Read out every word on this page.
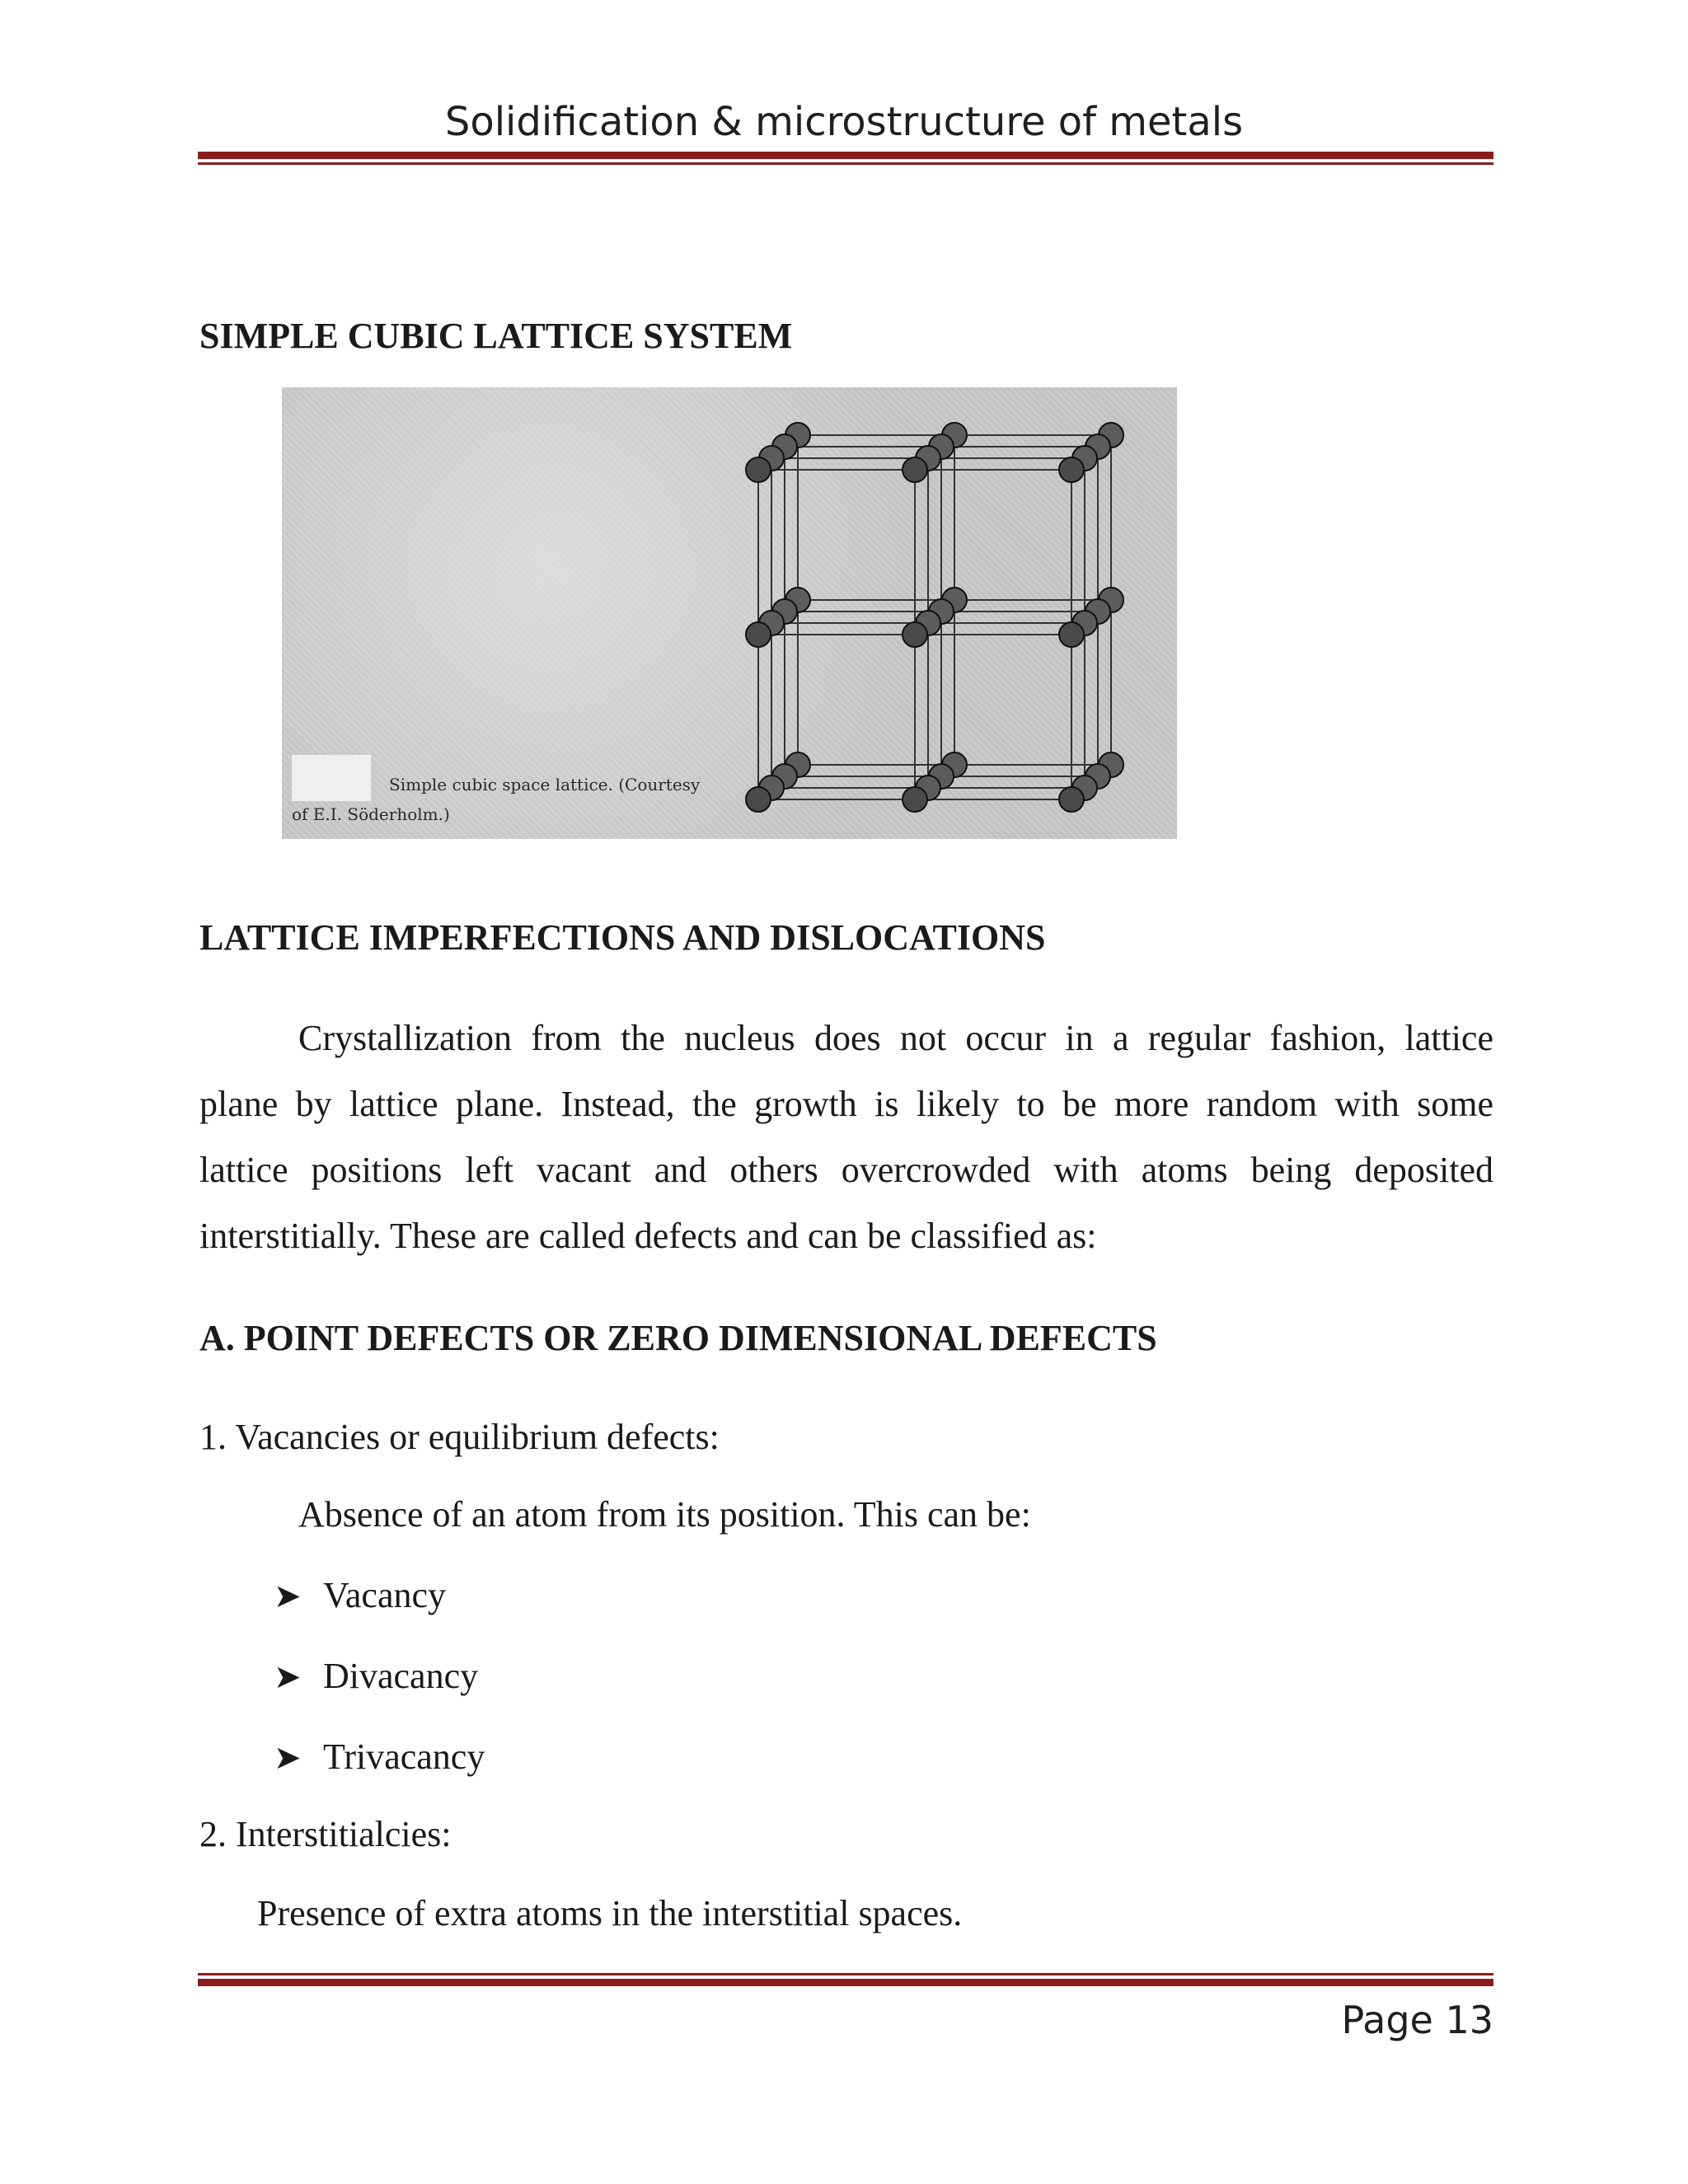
Solidification & microstructure of metals
SIMPLE CUBIC LATTICE SYSTEM
Simple cubic space lattice. (Courtesy
of E.I. Söderholm.)
LATTICE IMPERFECTIONS AND DISLOCATIONS
Crystallization from the nucleus does not occur in a regular fashion, lattice
plane by lattice plane. Instead, the growth is likely to be more random with some
lattice positions left vacant and others overcrowded with atoms being deposited
interstitially. These are called defects and can be classified as:
A. POINT DEFECTS OR ZERO DIMENSIONAL DEFECTS
1. Vacancies or equilibrium defects:
Absence of an atom from its position. This can be:
➤ Vacancy
➤ Divacancy
➤ Trivacancy
2. Interstitialcies:
Presence of extra atoms in the interstitial spaces.
Page 13
